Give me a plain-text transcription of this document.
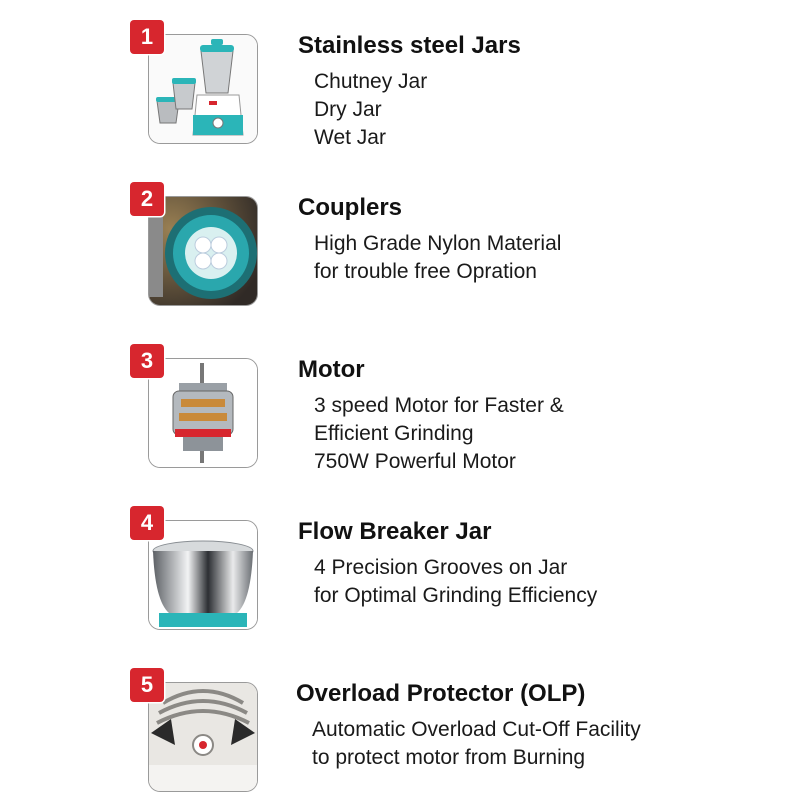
1	Stainless steel Jars
Chutney Jar
Dry Jar
Wet Jar
2	Couplers
High Grade Nylon Material
for trouble free Opration
3	Motor
3 speed Motor for Faster &
Efficient Grinding
750W Powerful Motor
4	Flow Breaker Jar
4 Precision Grooves on Jar
for Optimal Grinding Efficiency
5	Overload Protector (OLP)
Automatic Overload Cut-Off Facility
to protect motor from Burning
